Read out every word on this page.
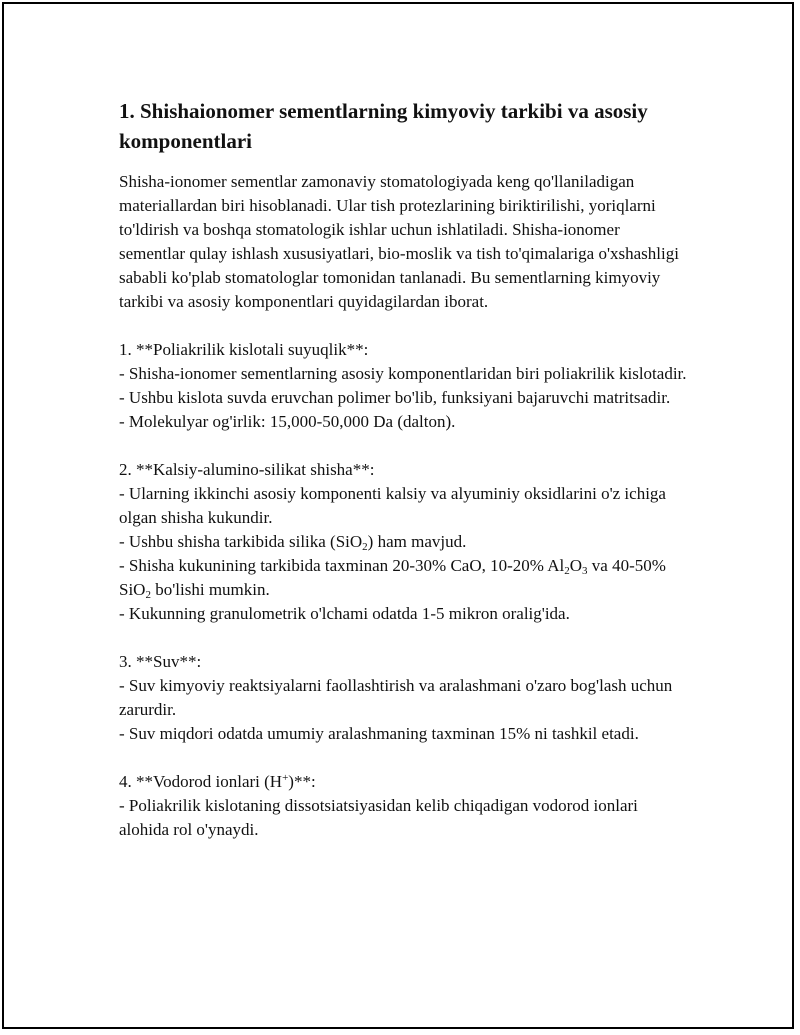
1. Shishaionomer sementlarning kimyoviy tarkibi va asosiy komponentlari

Shisha-ionomer sementlar zamonaviy stomatologiyada keng qo'llaniladigan materiallardan biri hisoblanadi. Ular tish protezlarining biriktirilishi, yoriqlarni to'ldirish va boshqa stomatologik ishlar uchun ishlatiladi. Shisha-ionomer sementlar qulay ishlash xususiyatlari, bio-moslik va tish to'qimalariga o'xshashligi sababli ko'plab stomatologlar tomonidan tanlanadi. Bu sementlarning kimyoviy tarkibi va asosiy komponentlari quyidagilardan iborat.

1. **Poliakrilik kislotali suyuqlik**:

- Shisha-ionomer sementlarning asosiy komponentlaridan biri poliakrilik kislotadir.

- Ushbu kislota suvda eruvchan polimer bo'lib, funksiyani bajaruvchi matritsadir.

- Molekulyar og'irlik: 15,000-50,000 Da (dalton).

2. **Kalsiy-alumino-silikat shisha**:

- Ularning ikkinchi asosiy komponenti kalsiy va alyuminiy oksidlarini o'z ichiga olgan shisha kukundir.

- Ushbu shisha tarkibida silika (SiO$_2$) ham mavjud.

- Shisha kukunining tarkibida taxminan 20-30% CaO, 10-20% $Al_2O_3$ va 40-50% SiO$_2$ bo'lishi mumkin.

- Kukunning granulometrik o'lchami odatda 1-5 mikron oralig'ida.

3. **Suv**:

- Suv kimyoviy reaktsiyalarni faollashtirish va aralashmani o'zaro bog'lash uchun zarurdir.

- Suv miqdori odatda umumiy aralashmaning taxminan 15% ni tashkil etadi.

4. **Vodorod ionlari (H+)**:

- Poliakrilik kislotaning dissotsiatsiyasidan kelib chiqadigan vodorod ionlari alohida rol o'ynaydi.
